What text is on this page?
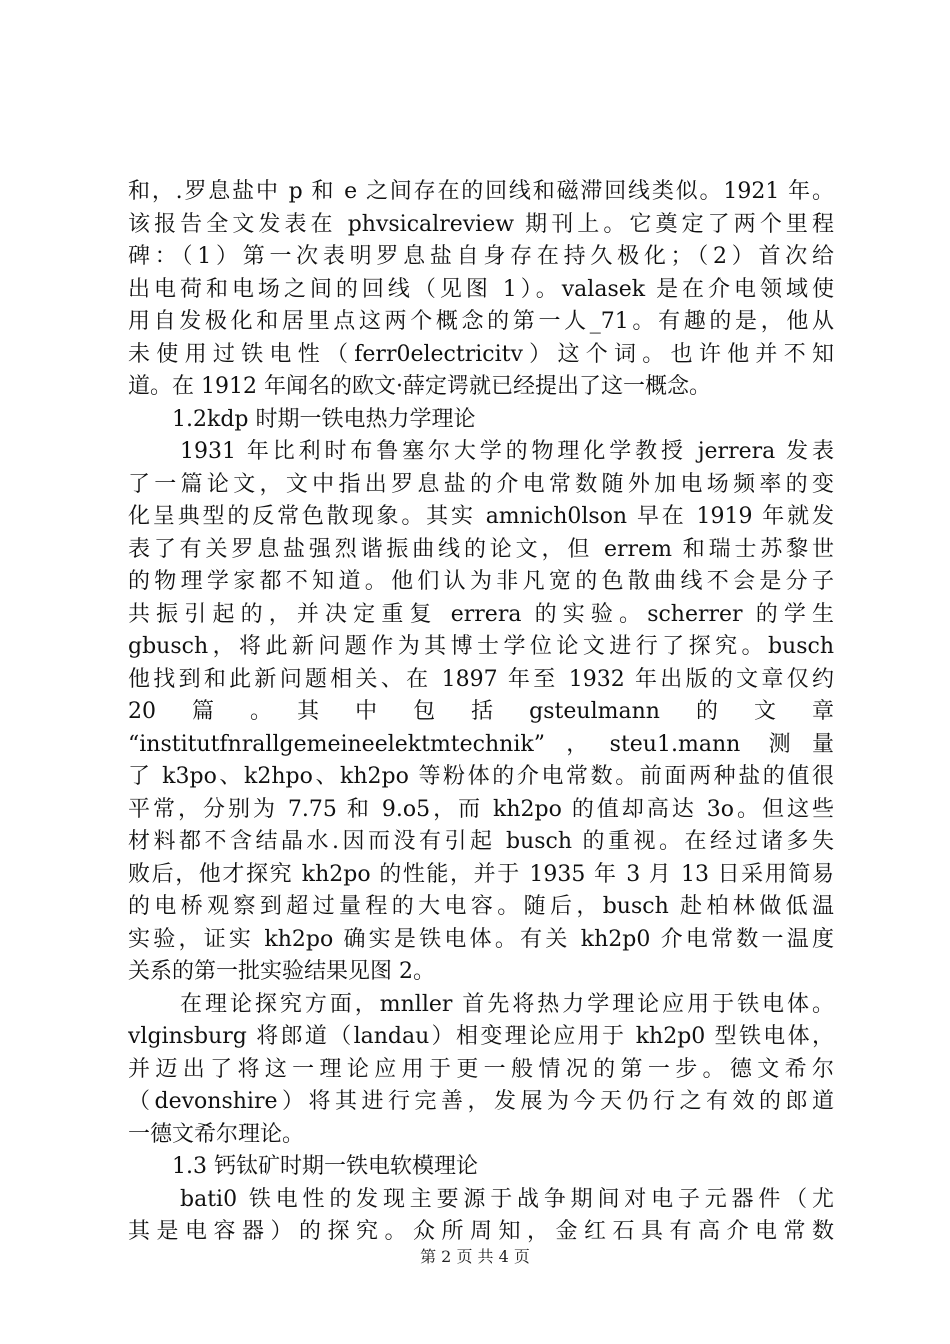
和，.罗息盐中 p 和 e 之间存在的回线和磁滞回线类似。1921 年。
该报告全文发表在 phvsicalreview 期刊上。它奠定了两个里程
碑：（1）第一次表明罗息盐自身存在持久极化；（2）首次给
出电荷和电场之间的回线（见图 1）。valasek 是在介电领域使
用自发极化和居里点这两个概念的第一人_71。有趣的是，他从
未使用过铁电性（ferr0electricitv）这个词。也许他并不知
道。在 1912 年闻名的欧文·薛定谔就已经提出了这一概念。
1.2kdp 时期一铁电热力学理论
1931 年比利时布鲁塞尔大学的物理化学教授 jerrera 发表
了一篇论文，文中指出罗息盐的介电常数随外加电场频率的变
化呈典型的反常色散现象。其实 amnich0lson 早在 1919 年就发
表了有关罗息盐强烈谐振曲线的论文，但 errem 和瑞士苏黎世
的物理学家都不知道。他们认为非凡宽的色散曲线不会是分子
共振引起的，并决定重复 errera 的实验。scherrer 的学生
gbusch，将此新问题作为其博士学位论文进行了探究。busch
他找到和此新问题相关、在 1897 年至 1932 年出版的文章仅约
20　篇　。　其　中　包　括　gsteulmann　的　文　章
“institutfnrallgemeineelektmtechnik”，steu1.mann 测量
了 k3po、k2hpo、kh2po 等粉体的介电常数。前面两种盐的值很
平常，分别为 7.75 和 9.o5，而 kh2po 的值却高达 3o。但这些
材料都不含结晶水.因而没有引起 busch 的重视。在经过诸多失
败后，他才探究 kh2po 的性能，并于 1935 年 3 月 13 日采用简易
的电桥观察到超过量程的大电容。随后，busch 赴柏林做低温
实验，证实 kh2po 确实是铁电体。有关 kh2p0 介电常数一温度
关系的第一批实验结果见图 2。
在理论探究方面，mnller 首先将热力学理论应用于铁电体。
vlginsburg 将郎道（landau）相变理论应用于 kh2p0 型铁电体，
并迈出了将这一理论应用于更一般情况的第一步。德文希尔
（devonshire）将其进行完善，发展为今天仍行之有效的郎道
一德文希尔理论。
1.3 钙钛矿时期一铁电软模理论
bati0 铁电性的发现主要源于战争期间对电子元器件（尤
其是电容器）的探究。众所周知，金红石具有高介电常数
第 2 页 共 4 页
